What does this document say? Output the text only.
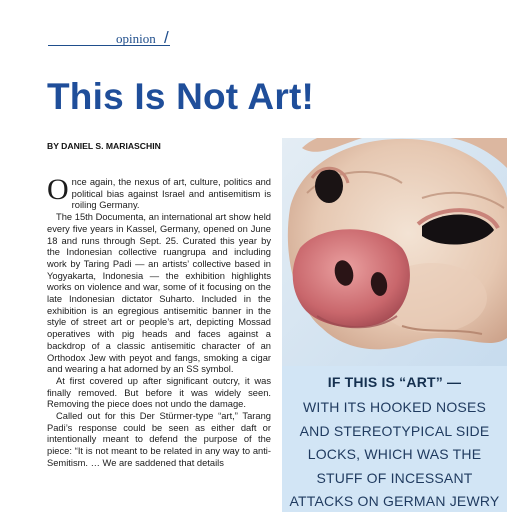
opinion /
This Is Not Art!
BY DANIEL S. MARIASCHIN

Once again, the nexus of art, culture, politics and political bias against Israel and antisemitism is roiling Germany.

The 15th Documenta, an international art show held every five years in Kassel, Germany, opened on June 18 and runs through Sept. 25. Curated this year by the Indonesian collective ruangrupa and including work by Taring Padi — an artists’ collective based in Yogyakarta, Indonesia — the exhibition highlights works on violence and war, some of it focusing on the late Indonesian dictator Suharto. Included in the exhibition is an egregious antisemitic banner in the style of street art or people’s art, depicting Mossad operatives with pig heads and faces against a backdrop of a classic antisemitic character of an Orthodox Jew with peyot and fangs, smoking a cigar and wearing a hat adorned by an SS symbol.

At first covered up after significant outcry, it was finally removed. But before it was widely seen. Removing the piece does not undo the damage.

Called out for this Der Stürmer-type “art,” Tarang Padi’s response could be seen as either daft or intentionally meant to defend the purpose of the piece: “It is not meant to be related in any way to anti-Semitism. … We are saddened that details

IF THIS IS “ART” —
WITH ITS HOOKED NOSES
AND STEREOTYPICAL SIDE
LOCKS, WHICH WAS THE
STUFF OF INCESSANT
ATTACKS ON GERMAN JEWRY
